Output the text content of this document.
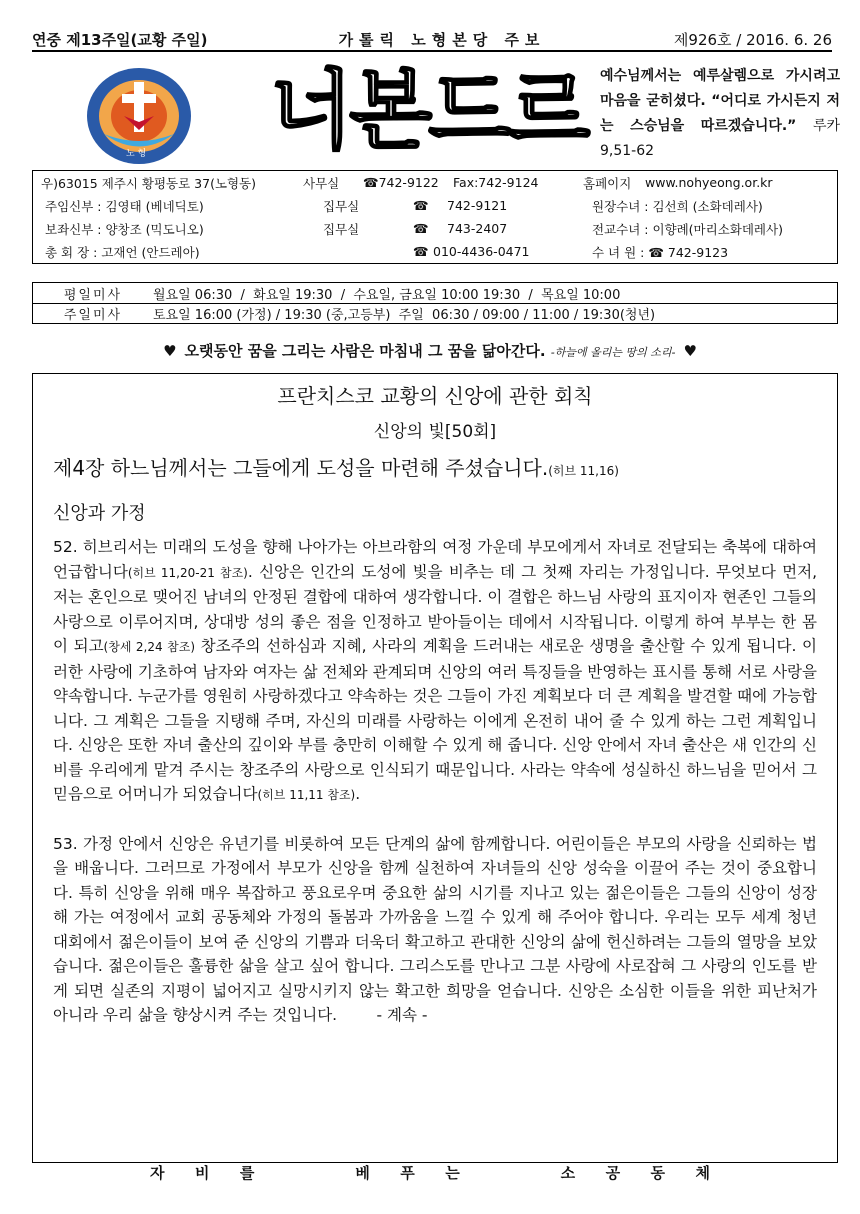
연중 제13주일(교황 주일)	가톨릭 노형본당 주보	제926호 / 2016. 6. 26
노 형 너본드르 예수님께서는 예루살렘으로 가시려고 마음을 굳히셨다. “어디로 가시든지 저는 스승님을 따르겠습니다.” 루카 9,51-62
우)63015 제주시 황평동로 37(노형동)	사무실	☎742-9122	Fax:742-9124	홈페이지	www.nohyeong.or.kr
주임신부 : 김영태 (베네딕토)	집무실	☎	742-9121	원장수녀 : 김선희 (소화데레사)
보좌신부 : 양창조 (믹도니오)	집무실	☎	743-2407	전교수녀 : 이향례(마리소화데레사)
총 회 장 : 고재언 (안드레아)	☎ 010-4436-0471	수 녀 원 : ☎ 742-9123
평일미사	월요일 06:30  /  화요일 19:30  /  수요일, 금요일 10:00 19:30  /  목요일 10:00
주일미사	토요일 16:00 (가정) / 19:30 (중,고등부)  주일  06:30 / 09:00 / 11:00 / 19:30(청년)
♥ 오랫동안 꿈을 그리는 사람은 마침내 그 꿈을 닮아간다. -하늘에 올리는 땅의 소리- ♥
프란치스코 교황의 신앙에 관한 회칙
신앙의 빛[50회]
제4장 하느님께서는 그들에게 도성을 마련해 주셨습니다.(히브 11,16)
신앙과 가정

52. 히브리서는 미래의 도성을 향해 나아가는 아브라함의 여정 가운데 부모에게서 자녀로 전달되는 축복에 대하여 언급합니다(히브 11,20-21 참조). 신앙은 인간의 도성에 빛을 비추는 데 그 첫째 자리는 가정입니다. 무엇보다 먼저, 저는 혼인으로 맺어진 남녀의 안정된 결합에 대하여 생각합니다. 이 결합은 하느님 사랑의 표지이자 현존인 그들의 사랑으로 이루어지며, 상대방 성의 좋은 점을 인정하고 받아들이는 데에서 시작됩니다. 이렇게 하여 부부는 한 몸이 되고(창세 2,24 참조) 창조주의 선하심과 지혜, 사라의 계획을 드러내는 새로운 생명을 출산할 수 있게 됩니다. 이러한 사랑에 기초하여 남자와 여자는 삶 전체와 관계되며 신앙의 여러 특징들을 반영하는 표시를 통해 서로 사랑을 약속합니다. 누군가를 영원히 사랑하겠다고 약속하는 것은 그들이 가진 계획보다 더 큰 계획을 발견할 때에 가능합니다. 그 계획은 그들을 지탱해 주며, 자신의 미래를 사랑하는 이에게 온전히 내어 줄 수 있게 하는 그런 계획입니다. 신앙은 또한 자녀 출산의 깊이와 부를 충만히 이해할 수 있게 해 줍니다. 신앙 안에서 자녀 출산은 새 인간의 신비를 우리에게 맡겨 주시는 창조주의 사랑으로 인식되기 때문입니다. 사라는 약속에 성실하신 하느님을 믿어서 그 믿음으로 어머니가 되었습니다(히브 11,11 참조).

53. 가정 안에서 신앙은 유년기를 비롯하여 모든 단계의 삶에 함께합니다. 어린이들은 부모의 사랑을 신뢰하는 법을 배웁니다. 그러므로 가정에서 부모가 신앙을 함께 실천하여 자녀들의 신앙 성숙을 이끌어 주는 것이 중요합니다. 특히 신앙을 위해 매우 복잡하고 풍요로우며 중요한 삶의 시기를 지나고 있는 젊은이들은 그들의 신앙이 성장해 가는 여정에서 교회 공동체와 가정의 돌봄과 가까움을 느낄 수 있게 해 주어야 합니다. 우리는 모두 세계 청년 대회에서 젊은이들이 보여 준 신앙의 기쁨과 더욱더 확고하고 관대한 신앙의 삶에 헌신하려는 그들의 열망을 보았습니다. 젊은이들은 훌륭한 삶을 살고 싶어 합니다. 그리스도를 만나고 그분 사랑에 사로잡혀 그 사랑의 인도를 받게 되면 실존의 지평이 넓어지고 실망시키지 않는 확고한 희망을 얻습니다. 신앙은 소심한 이들을 위한 피난처가 아니라 우리 삶을 향상시켜 주는 것입니다.	- 계속 -

자 비 를	베 푸 는	소 공 동 체
